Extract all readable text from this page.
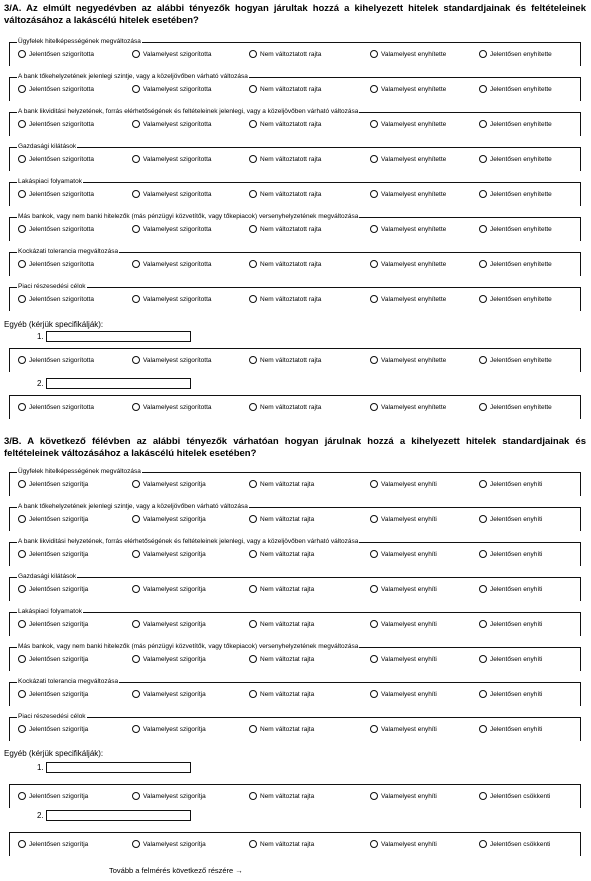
3/A. Az elmúlt negyedévben az alábbi tényezők hogyan járultak hozzá a kihelyezett hitelek standardjainak és feltételeinek változásához a lakáscélú hitelek esetében?
Ügyfelek hitelképességének megváltozása
Jelentősen szigorította	Valamelyest szigorította	Nem változtatott rajta	Valamelyest enyhítette	Jelentősen enyhítette
A bank tőkehelyzetének jelenlegi szintje, vagy a közeljövőben várható változása
Jelentősen szigorította	Valamelyest szigorította	Nem változtatott rajta	Valamelyest enyhítette	Jelentősen enyhítette
A bank likviditási helyzetének, forrás elérhetőségének és feltételeinek jelenlegi, vagy a közeljövőben várható változása
Jelentősen szigorította	Valamelyest szigorította	Nem változtatott rajta	Valamelyest enyhítette	Jelentősen enyhítette
Gazdasági kilátások
Jelentősen szigorította	Valamelyest szigorította	Nem változtatott rajta	Valamelyest enyhítette	Jelentősen enyhítette
Lakáspiaci folyamatok
Jelentősen szigorította	Valamelyest szigorította	Nem változtatott rajta	Valamelyest enyhítette	Jelentősen enyhítette
Más bankok, vagy nem banki hitelezők (más pénzügyi közvetítők, vagy tőkepiacok) versenyhelyzetének megváltozása
Jelentősen szigorította	Valamelyest szigorította	Nem változtatott rajta	Valamelyest enyhítette	Jelentősen enyhítette
Kockázati tolerancia megváltozása
Jelentősen szigorította	Valamelyest szigorította	Nem változtatott rajta	Valamelyest enyhítette	Jelentősen enyhítette
Piaci részesedési célok
Jelentősen szigorította	Valamelyest szigorította	Nem változtatott rajta	Valamelyest enyhítette	Jelentősen enyhítette
Egyéb (kérjük specifikálják):
1.
Jelentősen szigorította	Valamelyest szigorította	Nem változtatott rajta	Valamelyest enyhítette	Jelentősen enyhítette
2.
Jelentősen szigorította	Valamelyest szigorította	Nem változtatott rajta	Valamelyest enyhítette	Jelentősen enyhítette
3/B. A következő félévben az alábbi tényezők várhatóan hogyan járulnak hozzá a kihelyezett hitelek standardjainak és feltételeinek változásához a lakáscélú hitelek esetében?
Ügyfelek hitelképességének megváltozása
Jelentősen szigorítja	Valamelyest szigorítja	Nem változtat rajta	Valamelyest enyhíti	Jelentősen enyhíti
A bank tőkehelyzetének jelenlegi szintje, vagy a közeljövőben várható változása
Jelentősen szigorítja	Valamelyest szigorítja	Nem változtat rajta	Valamelyest enyhíti	Jelentősen enyhíti
A bank likviditási helyzetének, forrás elérhetőségének és feltételeinek jelenlegi, vagy a közeljövőben várható változása
Jelentősen szigorítja	Valamelyest szigorítja	Nem változtat rajta	Valamelyest enyhíti	Jelentősen enyhíti
Gazdasági kilátások
Jelentősen szigorítja	Valamelyest szigorítja	Nem változtat rajta	Valamelyest enyhíti	Jelentősen enyhíti
Lakáspiaci folyamatok
Jelentősen szigorítja	Valamelyest szigorítja	Nem változtat rajta	Valamelyest enyhíti	Jelentősen enyhíti
Más bankok, vagy nem banki hitelezők (más pénzügyi közvetítők, vagy tőkepiacok) versenyhelyzetének megváltozása
Jelentősen szigorítja	Valamelyest szigorítja	Nem változtat rajta	Valamelyest enyhíti	Jelentősen enyhíti
Kockázati tolerancia megváltozása
Jelentősen szigorítja	Valamelyest szigorítja	Nem változtat rajta	Valamelyest enyhíti	Jelentősen enyhíti
Piaci részesedési célok
Jelentősen szigorítja	Valamelyest szigorítja	Nem változtat rajta	Valamelyest enyhíti	Jelentősen enyhíti
Egyéb (kérjük specifikálják):
1.
Jelentősen szigorítja	Valamelyest szigorítja	Nem változtat rajta	Valamelyest enyhíti	Jelentősen csökkenti
2.
Jelentősen szigorítja	Valamelyest szigorítja	Nem változtat rajta	Valamelyest enyhíti	Jelentősen csökkenti
Tovább a felmérés következő részére →
